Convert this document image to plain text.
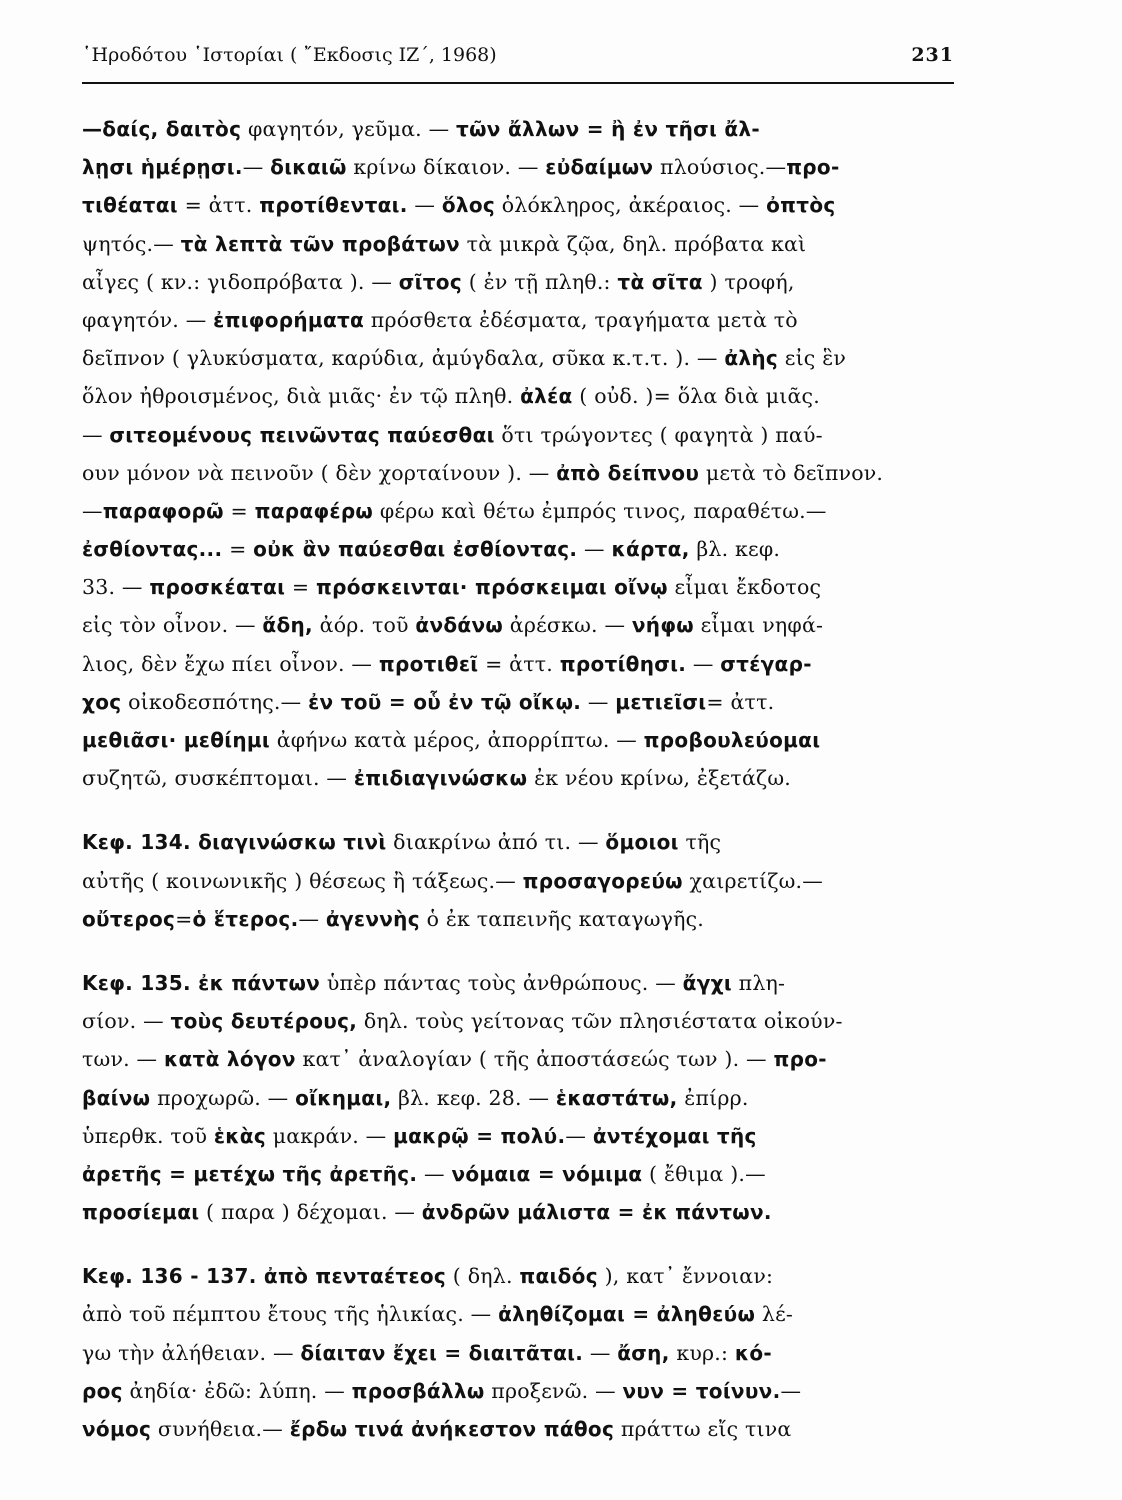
῾Ηροδότου ῾Ιστορίαι ( ῎Εκδοσις ΙΖ΄, 1968)	231
—δαίς, δαιτὸς φαγητόν, γεῦμα. — τῶν ἄλλων = ἢ ἐν τῆσι ἄλ-
λῃσι ἡμέρῃσι.— δικαιῶ κρίνω δίκαιον. — εὐδαίμων πλούσιος.—προ-
τιθέαται = ἀττ. προτίθενται. — ὅλος ὁλόκληρος, ἀκέραιος. — ὀπτὸς
ψητός.— τὰ λεπτὰ τῶν προβάτων τὰ μικρὰ ζῷα, δηλ. πρόβατα καὶ
αἶγες ( κν.: γιδοπρόβατα ). — σῖτος ( ἐν τῇ πληθ.: τὰ σῖτα ) τροφή,
φαγητόν. — ἐπιφορήματα πρόσθετα ἐδέσματα, τραγήματα μετὰ τὸ
δεῖπνον ( γλυκύσματα, καρύδια, ἀμύγδαλα, σῦκα κ.τ.τ. ). — ἀλὴς εἰς ἓν
ὅλον ἠθροισμένος, διὰ μιᾶς· ἐν τῷ πληθ. ἀλέα ( οὐδ. )= ὅλα διὰ μιᾶς.
— σιτεομένους πεινῶντας παύεσθαι ὅτι τρώγοντες ( φαγητὰ ) παύ-
ουν μόνον νὰ πεινοῦν ( δὲν χορταίνουν ). — ἀπὸ δείπνου μετὰ τὸ δεῖπνον.
—παραφορῶ = παραφέρω φέρω καὶ θέτω ἐμπρός τινος, παραθέτω.—
ἐσθίοντας... = οὐκ ἂν παύεσθαι ἐσθίοντας. — κάρτα, βλ. κεφ.
33. — προσκέαται = πρόσκεινται· πρόσκειμαι οἴνῳ εἶμαι ἔκδοτος
εἰς τὸν οἶνον. — ἅδη, ἀόρ. τοῦ ἀνδάνω ἀρέσκω. — νήφω εἶμαι νηφά-
λιος, δὲν ἔχω πίει οἶνον. — προτιθεῖ = ἀττ. προτίθησι. — στέγαρ-
χος οἰκοδεσπότης.— ἐν τοῦ = οὗ ἐν τῷ οἴκῳ. — μετιεῖσι= ἀττ.
μεθιᾶσι· μεθίημι ἀφήνω κατὰ μέρος, ἀπορρίπτω. — προβουλεύομαι
συζητῶ, συσκέπτομαι. — ἐπιδιαγινώσκω ἐκ νέου κρίνω, ἐξετάζω.
Κεφ. 134. διαγινώσκω τινὶ διακρίνω ἀπό τι. — ὅμοιοι τῆς
αὐτῆς ( κοινωνικῆς ) θέσεως ἢ τάξεως.— προσαγορεύω χαιρετίζω.—
οὔτερος=ὁ ἕτερος.— ἀγεννὴς ὁ ἐκ ταπεινῆς καταγωγῆς.
Κεφ. 135. ἐκ πάντων ὑπὲρ πάντας τοὺς ἀνθρώπους. — ἄγχι πλη-
σίον. — τοὺς δευτέρους, δηλ. τοὺς γείτονας τῶν πλησιέστατα οἰκούν-
των. — κατὰ λόγον κατ᾽ ἀναλογίαν ( τῆς ἀποστάσεώς των ). — προ-
βαίνω προχωρῶ. — οἴκημαι, βλ. κεφ. 28. — ἑκαστάτω, ἐπίρρ.
ὑπερθκ. τοῦ ἑκὰς μακράν. — μακρῷ = πολύ.— ἀντέχομαι τῆς
ἀρετῆς = μετέχω τῆς ἀρετῆς. — νόμαια = νόμιμα ( ἔθιμα ).—
προσίεμαι ( παρα ) δέχομαι. — ἀνδρῶν μάλιστα = ἐκ πάντων.
Κεφ. 136 - 137. ἀπὸ πενταέτεος ( δηλ. παιδός ), κατ᾽ ἔννοιαν:
ἀπὸ τοῦ πέμπτου ἔτους τῆς ἡλικίας. — ἀληθίζομαι = ἀληθεύω λέ-
γω τὴν ἀλήθειαν. — δίαιταν ἔχει = διαιτᾶται. — ἄση, κυρ.: κό-
ρος ἀηδία· ἐδῶ: λύπη. — προσβάλλω προξενῶ. — νυν = τοίνυν.—
νόμος συνήθεια.— ἔρδω τινά ἀνήκεστον πάθος πράττω εἴς τινα
